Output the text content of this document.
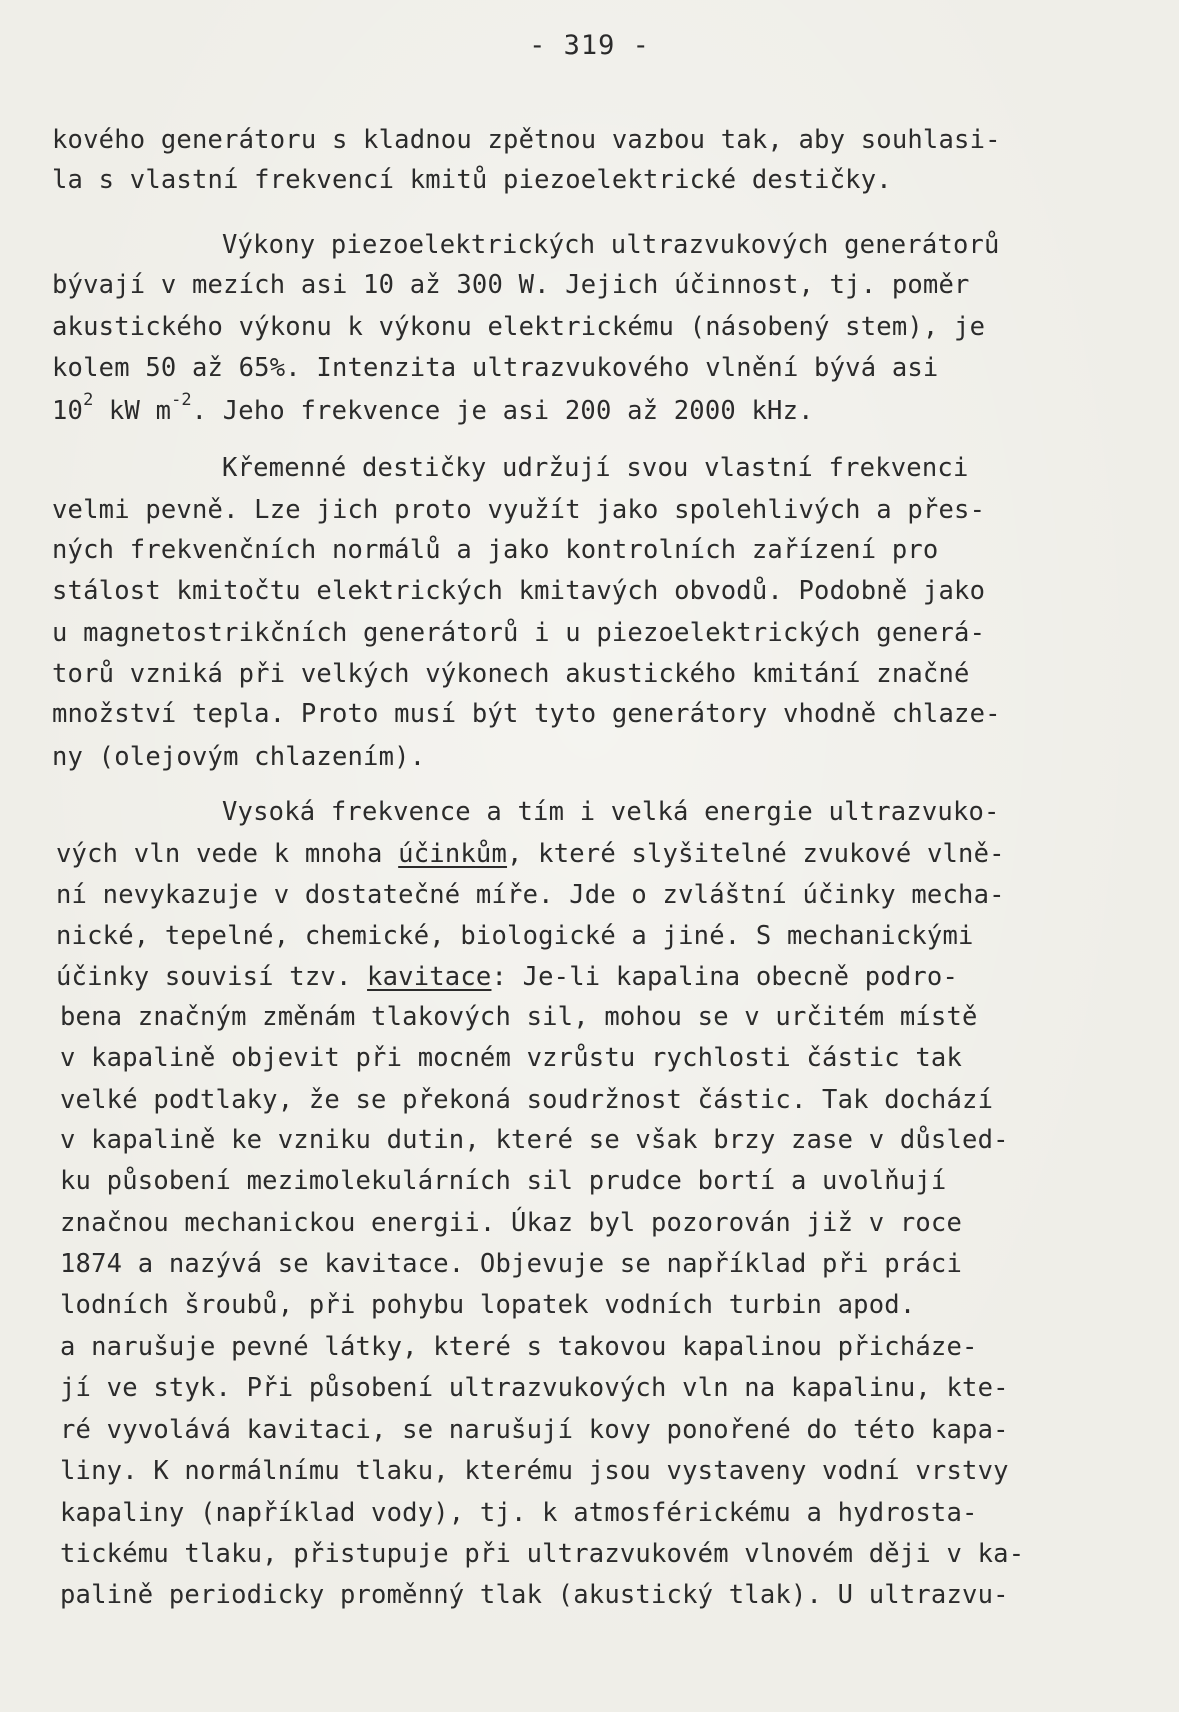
- 319 -
kového generátoru s kladnou zpětnou vazbou tak, aby souhlasi-
la s vlastní frekvencí kmitů piezoelektrické destičky.
Výkony piezoelektrických ultrazvukových generátorů
bývají v mezích asi 10 až 300 W. Jejich účinnost, tj. poměr
akustického výkonu k výkonu elektrickému (násobený stem), je
kolem 50 až 65%. Intenzita ultrazvukového vlnění bývá asi
$10^2$ kW $m^{-2}$. Jeho frekvence je asi 200 až 2000 kHz.
Křemenné destičky udržují svou vlastní frekvenci
velmi pevně. Lze jich proto využít jako spolehlivých a přes-
ných frekvenčních normálů a jako kontrolních zařízení pro
stálost kmitočtu elektrických kmitavých obvodů. Podobně jako
u magnetostrikčních generátorů i u piezoelektrických generá-
torů vzniká při velkých výkonech akustického kmitání značné
množství tepla. Proto musí být tyto generátory vhodně chlaze-
ny (olejovým chlazením).
Vysoká frekvence a tím i velká energie ultrazvuko-
vých vln vede k mnoha účinkům, které slyšitelné zvukové vlně-
ní nevykazuje v dostatečné míře. Jde o zvláštní účinky mecha-
nické, tepelné, chemické, biologické a jiné. S mechanickými
účinky souvisí tzv. kavitace: Je-li kapalina obecně podro-
bena značným změnám tlakových sil, mohou se v určitém místě
v kapalině objevit při mocném vzrůstu rychlosti částic tak
velké podtlaky, že se překoná soudržnost částic. Tak dochází
v kapalině ke vzniku dutin, které se však brzy zase v důsled-
ku působení mezimolekulárních sil prudce bortí a uvolňují
značnou mechanickou energii. Úkaz byl pozorován již v roce
1874 a nazývá se kavitace. Objevuje se například při práci
lodních šroubů, při pohybu lopatek vodních turbin apod.
a narušuje pevné látky, které s takovou kapalinou přicháze-
jí ve styk. Při působení ultrazvukových vln na kapalinu, kte-
ré vyvolává kavitaci, se narušují kovy ponořené do této kapa-
liny. K normálnímu tlaku, kterému jsou vystaveny vodní vrstvy
kapaliny (například vody), tj. k atmosférickému a hydrosta-
tickému tlaku, přistupuje při ultrazvukovém vlnovém ději v ka-
palině periodicky proměnný tlak (akustický tlak). U ultrazvu-
